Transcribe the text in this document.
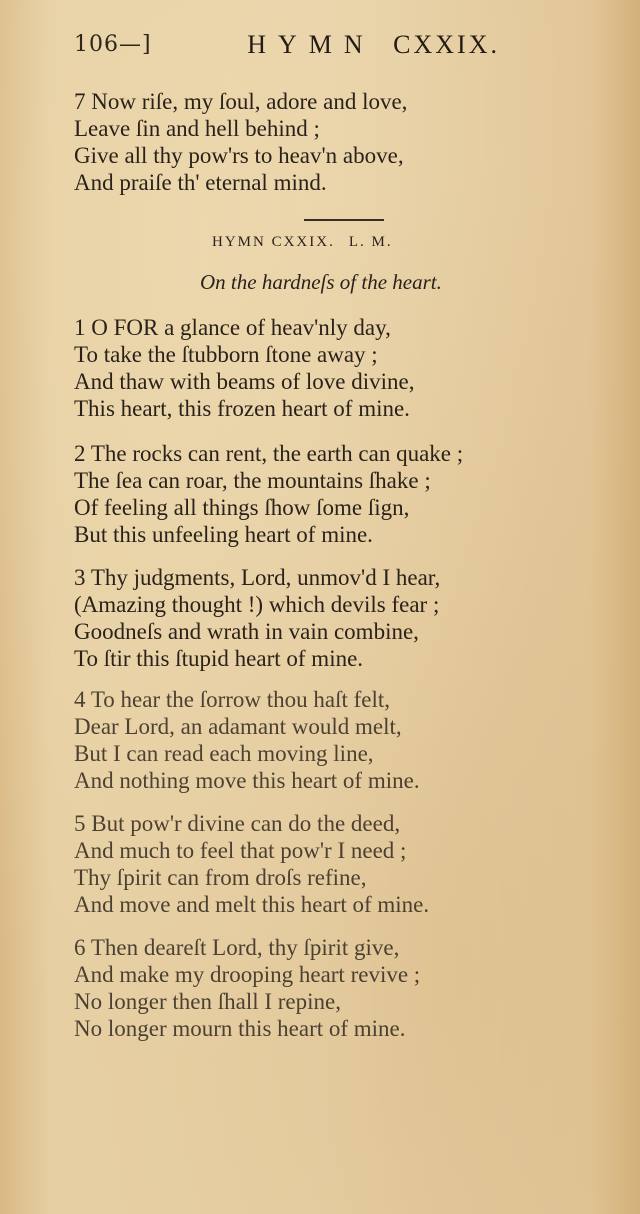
106—]	HYMN CXXIX.
7 Now riſe, my ſoul, adore and love,
Leave ſin and hell behind ;
Give all thy pow'rs to heav'n above,
And praiſe th' eternal mind.
HYMN CXXIX. L. M.
On the hardneſs of the heart.
1 O FOR a glance of heav'nly day,
To take the ſtubborn ſtone away ;
And thaw with beams of love divine,
This heart, this frozen heart of mine.
2 The rocks can rent, the earth can quake ;
The ſea can roar, the mountains ſhake ;
Of feeling all things ſhow ſome ſign,
But this unfeeling heart of mine.
3 Thy judgments, Lord, unmov'd I hear,
(Amazing thought !) which devils fear ;
Goodneſs and wrath in vain combine,
To ſtir this ſtupid heart of mine.
4 To hear the ſorrow thou haſt felt,
Dear Lord, an adamant would melt,
But I can read each moving line,
And nothing move this heart of mine.
5 But pow'r divine can do the deed,
And much to feel that pow'r I need ;
Thy ſpirit can from droſs refine,
And move and melt this heart of mine.
6 Then deareſt Lord, thy ſpirit give,
And make my drooping heart revive ;
No longer then ſhall I repine,
No longer mourn this heart of mine.
